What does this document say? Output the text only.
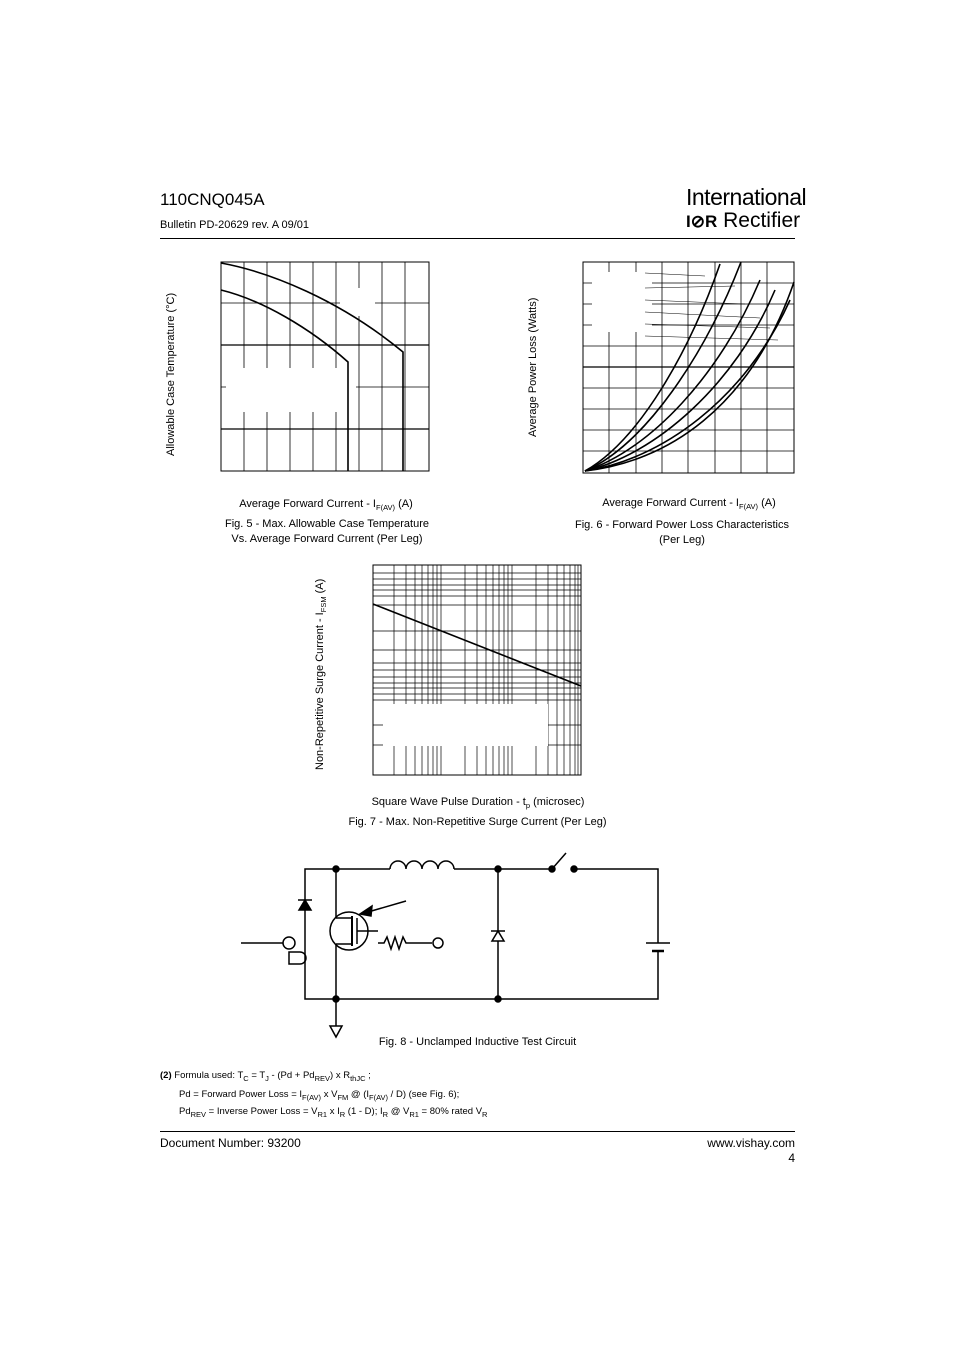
110CNQ045A
Bulletin PD-20629 rev. A 09/01
International
I⊘R Rectifier
Allowable Case Temperature (°C)
Average Forward Current - $I_{F(AV)}$ (A)
Fig. 5 - Max. Allowable Case Temperature
Vs. Average Forward Current (Per Leg)
Average Power Loss (Watts)
Average Forward Current - $I_{F(AV)}$ (A)
Fig. 6 - Forward Power Loss Characteristics
(Per Leg)
Non-Repetitive Surge Current - $I_{FSM}$ (A)
Square Wave Pulse Duration - $t_p$ (microsec)
Fig. 7 - Max. Non-Repetitive Surge Current (Per Leg)
Fig. 8 - Unclamped Inductive Test Circuit
(2) Formula used: $T_C = T_J - (Pd + Pd_{REV})$ x $R_{thJC}$ ;
Pd = Forward Power Loss = $I_{F(AV)}$ x $V_{FM}$ @ $(I_{F(AV)} / D)$ (see Fig. 6);
$Pd_{REV}$ = Inverse Power Loss = $V_{R1}$ x $I_R$ (1 - D); $I_R$ @ $V_{R1} = 80\%$ rated $V_R$
Document Number: 93200	www.vishay.com
4
